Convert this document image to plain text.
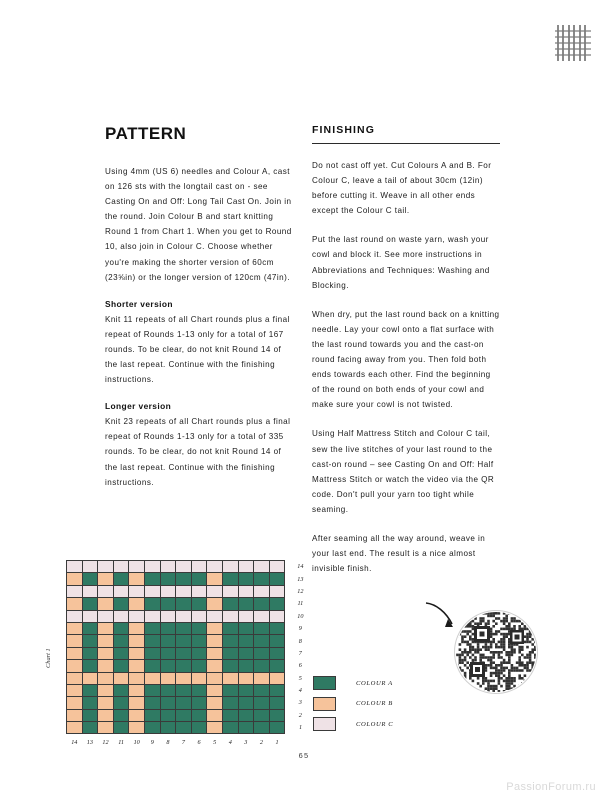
PATTERN

Using 4mm (US 6) needles and Colour A, cast on 126 sts with the longtail cast on - see Casting On and Off: Long Tail Cast On. Join in the round. Join Colour B and start knitting Round 1 from Chart 1. When you get to Round 10, also join in Colour C. Choose whether you're making the shorter version of 60cm (23⅝in) or the longer version of 120cm (47in).

Shorter version

Knit 11 repeats of all Chart rounds plus a final repeat of Rounds 1-13 only for a total of 167 rounds. To be clear, do not knit Round 14 of the last repeat. Continue with the finishing instructions.

Longer version

Knit 23 repeats of all Chart rounds plus a final repeat of Rounds 1-13 only for a total of 335 rounds. To be clear, do not knit Round 14 of the last repeat. Continue with the finishing instructions.

FINISHING

Do not cast off yet. Cut Colours A and B. For Colour C, leave a tail of about 30cm (12in) before cutting it. Weave in all other ends except the Colour C tail.

Put the last round on waste yarn, wash your cowl and block it. See more instructions in Abbreviations and Techniques: Washing and Blocking.

When dry, put the last round back on a knitting needle. Lay your cowl onto a flat surface with the last round towards you and the cast-on round facing away from you. Then fold both ends towards each other. Find the beginning of the round on both ends of your cowl and make sure your cowl is not twisted.

Using Half Mattress Stitch and Colour C tail, sew the live stitches of your last round to the cast-on round – see Casting On and Off: Half Mattress Stitch or watch the video via the QR code. Don't pull your yarn too tight while seaming.

After seaming all the way around, weave in your last end. The result is a nice almost invisible finish.

														14
														13
														12
														11
														10
														9
														8
														7
														6
														5
														4
														3
														2
														1
14	13	12	11	10	9	8	7	6	5	4	3	2	1	
Chart 1
COLOUR A
COLOUR B
COLOUR C
65
PassionForum.ru
